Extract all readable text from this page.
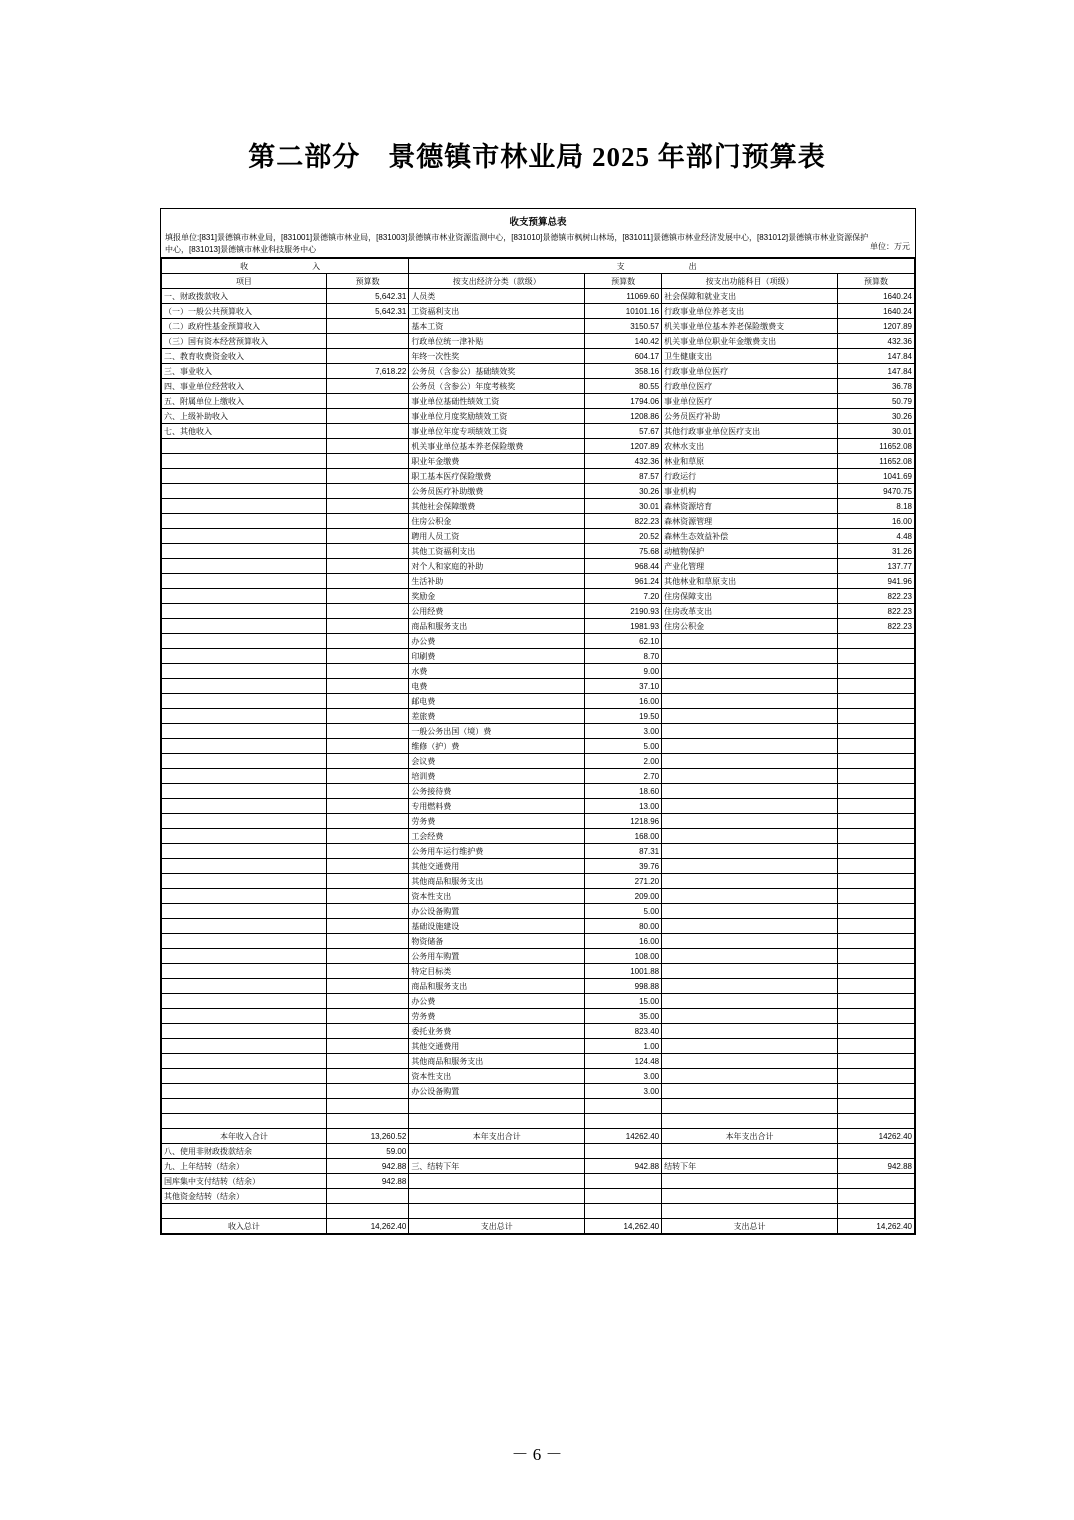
第二部分　景德镇市林业局 2025 年部门预算表
收支预算总表
填报单位:[831]景德镇市林业局，[831001]景德镇市林业局，[831003]景德镇市林业资源监测中心，[831010]景德镇市枫树山林场，[831011]景德镇市林业经济发展中心，[831012]景德镇市林业资源保护中心，[831013]景德镇市林业科技服务中心	单位：万元
收　　　入		支　　　出			
项目	预算数	按支出经济分类（款级）	预算数	按支出功能科目（项级）	预算数
一、财政拨款收入	5,642.31	人员类	11069.60	社会保障和就业支出	1640.24
（一）一般公共预算收入	5,642.31	工资福利支出	10101.16	行政事业单位养老支出	1640.24
（二）政府性基金预算收入		基本工资	3150.57	机关事业单位基本养老保险缴费支	1207.89
（三）国有资本经营预算收入		行政单位统一津补贴	140.42	机关事业单位职业年金缴费支出	432.36
二、教育收费资金收入		年终一次性奖	604.17	卫生健康支出	147.84
三、事业收入	7,618.22	公务员（含参公）基础绩效奖	358.16	行政事业单位医疗	147.84
四、事业单位经营收入		公务员（含参公）年度考核奖	80.55	行政单位医疗	36.78
五、附属单位上缴收入		事业单位基础性绩效工资	1794.06	事业单位医疗	50.79
六、上级补助收入		事业单位月度奖励绩效工资	1208.86	公务员医疗补助	30.26
七、其他收入		事业单位年度专项绩效工资	57.67	其他行政事业单位医疗支出	30.01
		机关事业单位基本养老保险缴费	1207.89	农林水支出	11652.08
		职业年金缴费	432.36	林业和草原	11652.08
		职工基本医疗保险缴费	87.57	行政运行	1041.69
		公务员医疗补助缴费	30.26	事业机构	9470.75
		其他社会保障缴费	30.01	森林资源培育	8.18
		住房公积金	822.23	森林资源管理	16.00
		聘用人员工资	20.52	森林生态效益补偿	4.48
		其他工资福利支出	75.68	动植物保护	31.26
		对个人和家庭的补助	968.44	产业化管理	137.77
		生活补助	961.24	其他林业和草原支出	941.96
		奖励金	7.20	住房保障支出	822.23
		公用经费	2190.93	住房改革支出	822.23
		商品和服务支出	1981.93	住房公积金	822.23
		办公费	62.10		
		印刷费	8.70		
		水费	9.00		
		电费	37.10		
		邮电费	16.00		
		差旅费	19.50		
		一般公务出国（境）费	3.00		
		维修（护）费	5.00		
		会议费	2.00		
		培训费	2.70		
		公务接待费	18.60		
		专用燃料费	13.00		
		劳务费	1218.96		
		工会经费	168.00		
		公务用车运行维护费	87.31		
		其他交通费用	39.76		
		其他商品和服务支出	271.20		
		资本性支出	209.00		
		办公设备购置	5.00		
		基础设施建设	80.00		
		物资储备	16.00		
		公务用车购置	108.00		
		特定目标类	1001.88		
		商品和服务支出	998.88		
		办公费	15.00		
		劳务费	35.00		
		委托业务费	823.40		
		其他交通费用	1.00		
		其他商品和服务支出	124.48		
		资本性支出	3.00		
		办公设备购置	3.00		

本年收入合计	13,260.52	本年支出合计	14262.40	本年支出合计	14262.40
八、使用非财政拨款结余	59.00				
九、上年结转（结余）	942.88	三、结转下年	942.88	结转下年	942.88
国库集中支付结转（结余）	942.88				
其他资金结转（结余）					

收入总计	14,262.40	支出总计	14,262.40	支出总计	14,262.40
－ 6 －
